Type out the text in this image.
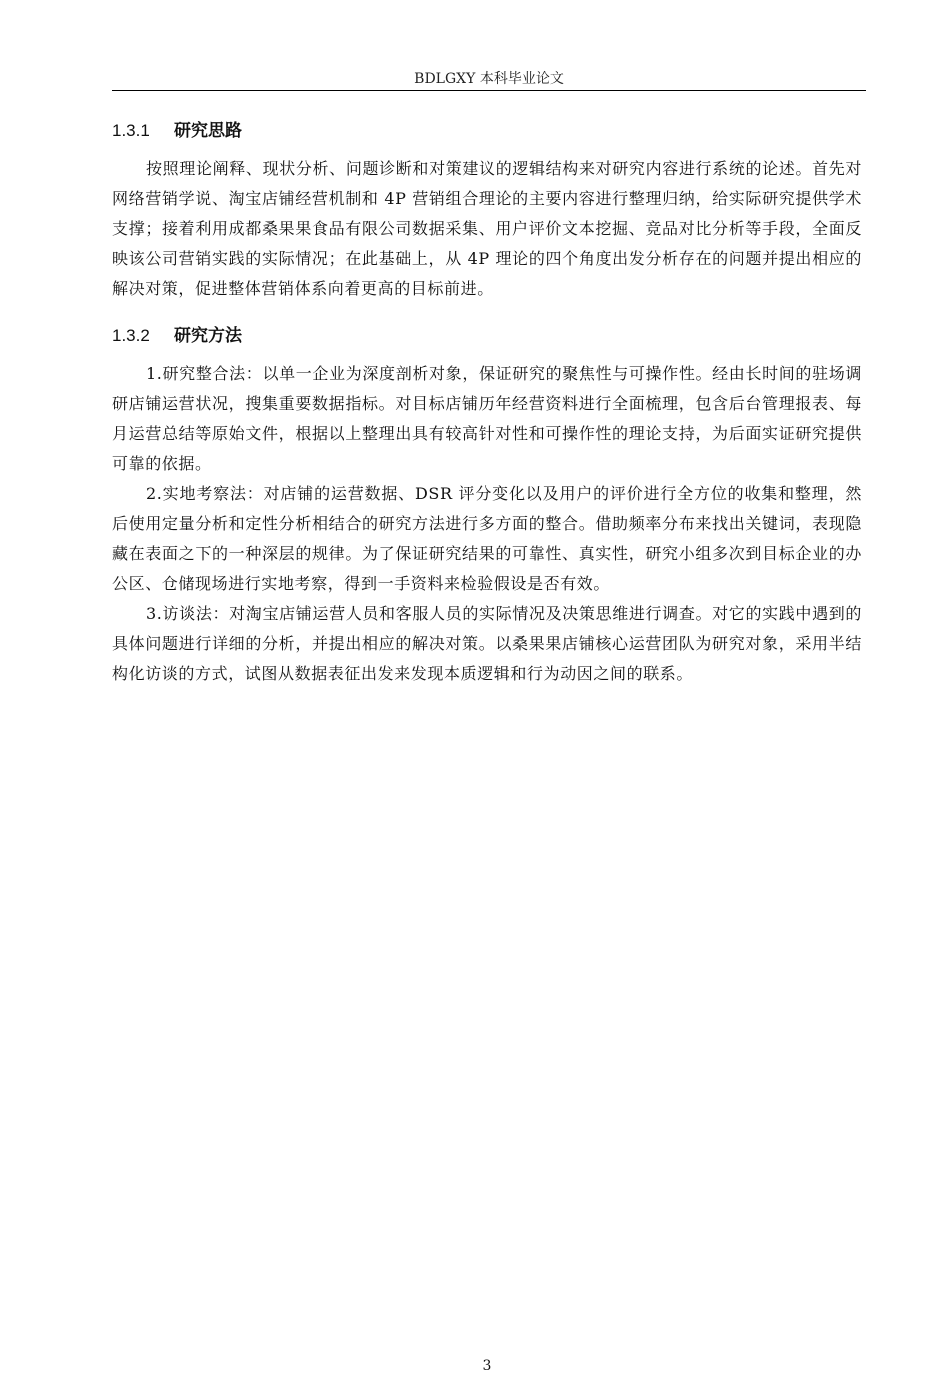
BDLGXY 本科毕业论文
1.3.1	研究思路

按照理论阐释、现状分析、问题诊断和对策建议的逻辑结构来对研究内容进行系统的论述。首先对网络营销学说、淘宝店铺经营机制和 4P 营销组合理论的主要内容进行整理归纳，给实际研究提供学术支撑；接着利用成都桑果果食品有限公司数据采集、用户评价文本挖掘、竞品对比分析等手段，全面反映该公司营销实践的实际情况；在此基础上，从 4P 理论的四个角度出发分析存在的问题并提出相应的解决对策，促进整体营销体系向着更高的目标前进。

1.3.2	研究方法

1.研究整合法：以单一企业为深度剖析对象，保证研究的聚焦性与可操作性。经由长时间的驻场调研店铺运营状况，搜集重要数据指标。对目标店铺历年经营资料进行全面梳理，包含后台管理报表、每月运营总结等原始文件，根据以上整理出具有较高针对性和可操作性的理论支持，为后面实证研究提供可靠的依据。

2.实地考察法：对店铺的运营数据、DSR 评分变化以及用户的评价进行全方位的收集和整理，然后使用定量分析和定性分析相结合的研究方法进行多方面的整合。借助频率分布来找出关键词，表现隐藏在表面之下的一种深层的规律。为了保证研究结果的可靠性、真实性，研究小组多次到目标企业的办公区、仓储现场进行实地考察，得到一手资料来检验假设是否有效。

3.访谈法：对淘宝店铺运营人员和客服人员的实际情况及决策思维进行调查。对它的实践中遇到的具体问题进行详细的分析，并提出相应的解决对策。以桑果果店铺核心运营团队为研究对象，采用半结构化访谈的方式，试图从数据表征出发来发现本质逻辑和行为动因之间的联系。

3
